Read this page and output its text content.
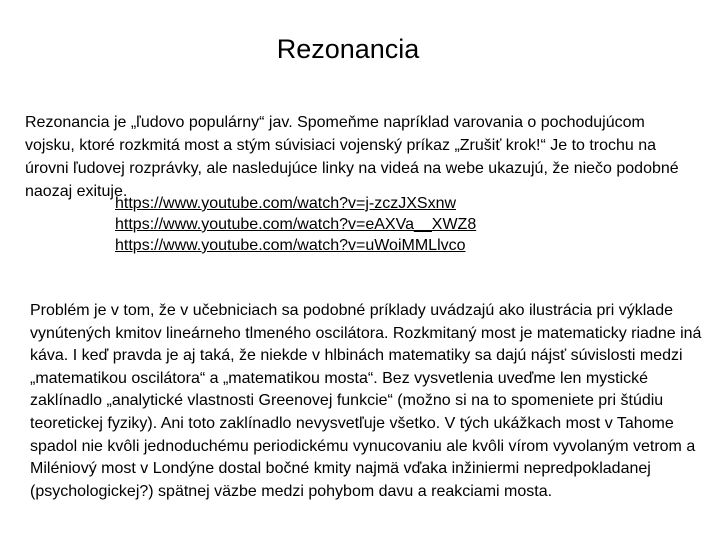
Rezonancia

Rezonancia je „ľudovo populárny“ jav. Spomeňme napríklad varovania o pochodujúcom vojsku, ktoré rozkmitá most a stým súvisiaci vojenský príkaz „Zrušiť krok!“ Je to trochu na úrovni ľudovej rozprávky, ale nasledujúce linky na videá na webe ukazujú, že niečo podobné naozaj exituje.

https://www.youtube.com/watch?v=j-zczJXSxnw
https://www.youtube.com/watch?v=eAXVa__XWZ8
https://www.youtube.com/watch?v=uWoiMMLlvco

Problém je v tom, že v učebniciach sa podobné príklady uvádzajú ako ilustrácia pri výklade vynútených kmitov lineárneho tlmeného oscilátora. Rozkmitaný most je matematicky riadne iná káva. I keď pravda je aj taká, že niekde v hlbinách matematiky sa dajú nájsť súvislosti medzi „matematikou oscilátora“ a „matematikou mosta“. Bez vysvetlenia uveďme len mystické zaklínadlo „analytické vlastnosti Greenovej funkcie“ (možno si na to spomeniete pri štúdiu teoretickej fyziky). Ani toto zaklínadlo nevysvetľuje všetko. V tých ukážkach most v Tahome spadol nie kvôli jednoduchému periodickému vynucovaniu ale kvôli vírom vyvolaným vetrom a Miléniový most v Londýne dostal bočné kmity najmä vďaka inžiniermi nepredpokladanej (psychologickej?) spätnej väzbe medzi pohybom davu a reakciami mosta.
